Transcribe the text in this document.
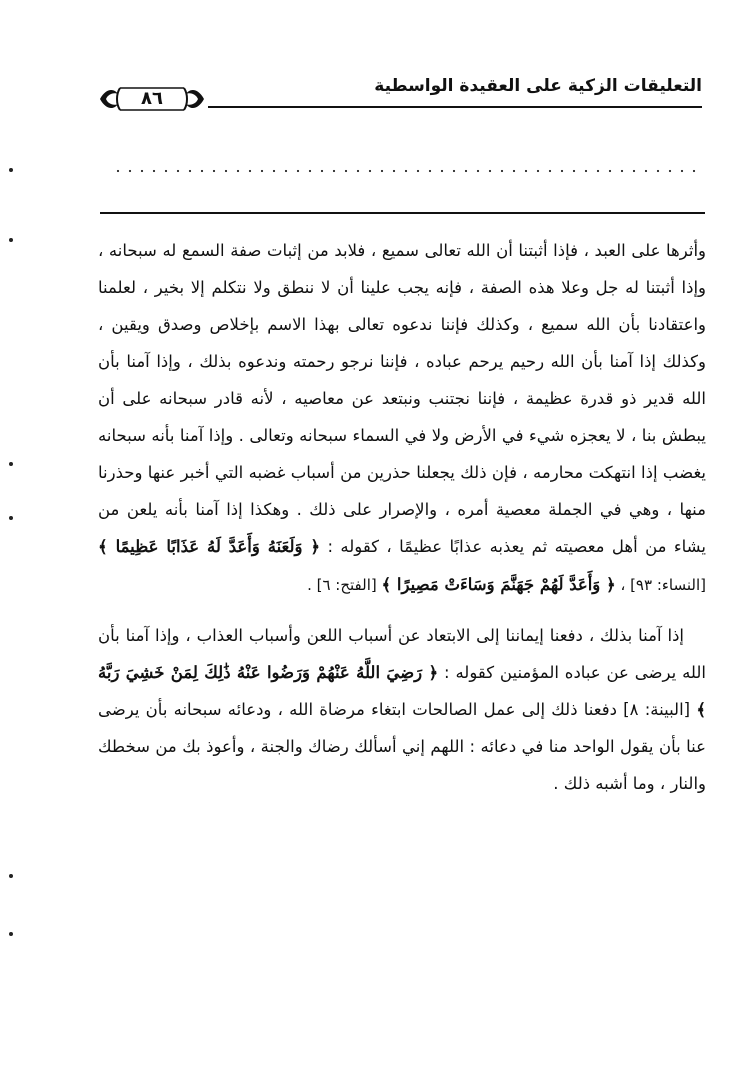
٨٦
التعليقات الزكية على العقيدة الواسطية

وأثرها على العبد ، فإذا أثبتنا أن الله تعالى سميع ، فلابد من إثبات صفة السمع له سبحانه ، وإذا أثبتنا له جل وعلا هذه الصفة ، فإنه يجب علينا أن لا ننطق ولا نتكلم إلا بخير ، لعلمنا واعتقادنا بأن الله سميع ، وكذلك فإننا ندعوه تعالى بهذا الاسم بإخلاص وصدق ويقين ، وكذلك إذا آمنا بأن الله رحيم يرحم عباده ، فإننا نرجو رحمته وندعوه بذلك ، وإذا آمنا بأن الله قدير ذو قدرة عظيمة ، فإننا نجتنب ونبتعد عن معاصيه ، لأنه قادر سبحانه على أن يبطش بنا ، لا يعجزه شيء في الأرض ولا في السماء سبحانه وتعالى . وإذا آمنا بأنه سبحانه يغضب إذا انتهكت محارمه ، فإن ذلك يجعلنا حذرين من أسباب غضبه التي أخبر عنها وحذرنا منها ، وهي في الجملة معصية أمره ، والإصرار على ذلك . وهكذا إذا آمنا بأنه يلعن من يشاء من أهل معصيته ثم يعذبه عذابًا عظيمًا ، كقوله : ﴿ وَلَعَنَهُ وَأَعَدَّ لَهُ عَذَابًا عَظِيمًا ﴾ [النساء: ٩٣] ، ﴿ وَأَعَدَّ لَهُمْ جَهَنَّمَ وَسَاءَتْ مَصِيرًا ﴾ [الفتح: ٦] .

إذا آمنا بذلك ، دفعنا إيماننا إلى الابتعاد عن أسباب اللعن وأسباب العذاب ، وإذا آمنا بأن الله يرضى عن عباده المؤمنين كقوله : ﴿ رَضِيَ اللَّهُ عَنْهُمْ وَرَضُوا عَنْهُ ذَٰلِكَ لِمَنْ خَشِيَ رَبَّهُ ﴾ [البينة: ٨] دفعنا ذلك إلى عمل الصالحات ابتغاء مرضاة الله ، ودعائه سبحانه بأن يرضى عنا بأن يقول الواحد منا في دعائه : اللهم إني أسألك رضاك والجنة ، وأعوذ بك من سخطك والنار ، وما أشبه ذلك .
